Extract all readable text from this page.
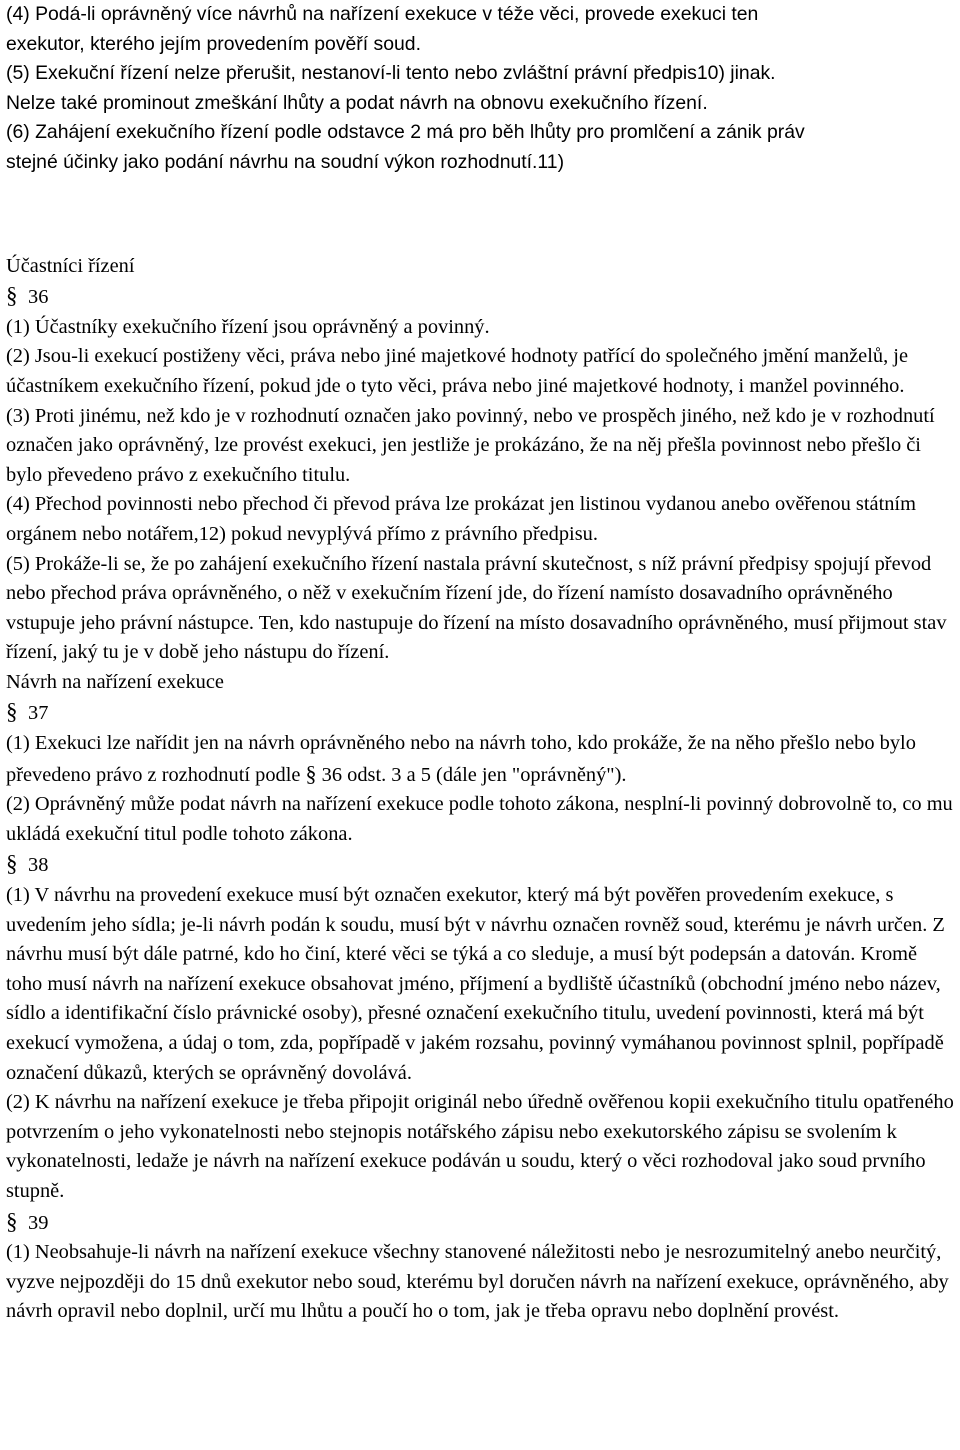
(4) Podá-li oprávněný více návrhů na nařízení exekuce v téže věci, provede exekuci ten
exekutor, kterého jejím provedením pověří soud.
(5) Exekuční řízení nelze přerušit, nestanoví-li tento nebo zvláštní právní předpis10) jinak.
Nelze také prominout zmeškání lhůty a podat návrh na obnovu exekučního řízení.
(6) Zahájení exekučního řízení podle odstavce 2 má pro běh lhůty pro promlčení a zánik práv
stejné účinky jako podání návrhu na soudní výkon rozhodnutí.11)
Účastníci řízení
§ 36
(1) Účastníky exekučního řízení jsou oprávněný a povinný.
(2) Jsou-li exekucí postiženy věci, práva nebo jiné majetkové hodnoty patřící do společného jmění manželů, je účastníkem exekučního řízení, pokud jde o tyto věci, práva nebo jiné majetkové hodnoty, i manžel povinného.
(3) Proti jinému, než kdo je v rozhodnutí označen jako povinný, nebo ve prospěch jiného, než kdo je v rozhodnutí označen jako oprávněný, lze provést exekuci, jen jestliže je prokázáno, že na něj přešla povinnost nebo přešlo či bylo převedeno právo z exekučního titulu.
(4) Přechod povinnosti nebo přechod či převod práva lze prokázat jen listinou vydanou anebo ověřenou státním orgánem nebo notářem,12) pokud nevyplývá přímo z právního předpisu.
(5) Prokáže-li se, že po zahájení exekučního řízení nastala právní skutečnost, s níž právní předpisy spojují převod nebo přechod práva oprávněného, o něž v exekučním řízení jde, do řízení namísto dosavadního oprávněného vstupuje jeho právní nástupce. Ten, kdo nastupuje do řízení na místo dosavadního oprávněného, musí přijmout stav řízení, jaký tu je v době jeho nástupu do řízení.
Návrh na nařízení exekuce
§ 37
(1) Exekuci lze nařídit jen na návrh oprávněného nebo na návrh toho, kdo prokáže, že na něho přešlo nebo bylo převedeno právo z rozhodnutí podle § 36 odst. 3 a 5 (dále jen "oprávněný").
(2) Oprávněný může podat návrh na nařízení exekuce podle tohoto zákona, nesplní-li povinný dobrovolně to, co mu ukládá exekuční titul podle tohoto zákona.
§ 38
(1) V návrhu na provedení exekuce musí být označen exekutor, který má být pověřen provedením exekuce, s uvedením jeho sídla; je-li návrh podán k soudu, musí být v návrhu označen rovněž soud, kterému je návrh určen. Z návrhu musí být dále patrné, kdo ho činí, které věci se týká a co sleduje, a musí být podepsán a datován. Kromě toho musí návrh na nařízení exekuce obsahovat jméno, příjmení a bydliště účastníků (obchodní jméno nebo název, sídlo a identifikační číslo právnické osoby), přesné označení exekučního titulu, uvedení povinnosti, která má být exekucí vymožena, a údaj o tom, zda, popřípadě v jakém rozsahu, povinný vymáhanou povinnost splnil, popřípadě označení důkazů, kterých se oprávněný dovolává.
(2) K návrhu na nařízení exekuce je třeba připojit originál nebo úředně ověřenou kopii exekučního titulu opatřeného potvrzením o jeho vykonatelnosti nebo stejnopis notářského zápisu nebo exekutorského zápisu se svolením k vykonatelnosti, ledaže je návrh na nařízení exekuce podáván u soudu, který o věci rozhodoval jako soud prvního stupně.
§ 39
(1) Neobsahuje-li návrh na nařízení exekuce všechny stanovené náležitosti nebo je nesrozumitelný anebo neurčitý, vyzve nejpozději do 15 dnů exekutor nebo soud, kterému byl doručen návrh na nařízení exekuce, oprávněného, aby návrh opravil nebo doplnil, určí mu lhůtu a poučí ho o tom, jak je třeba opravu nebo doplnění provést.
